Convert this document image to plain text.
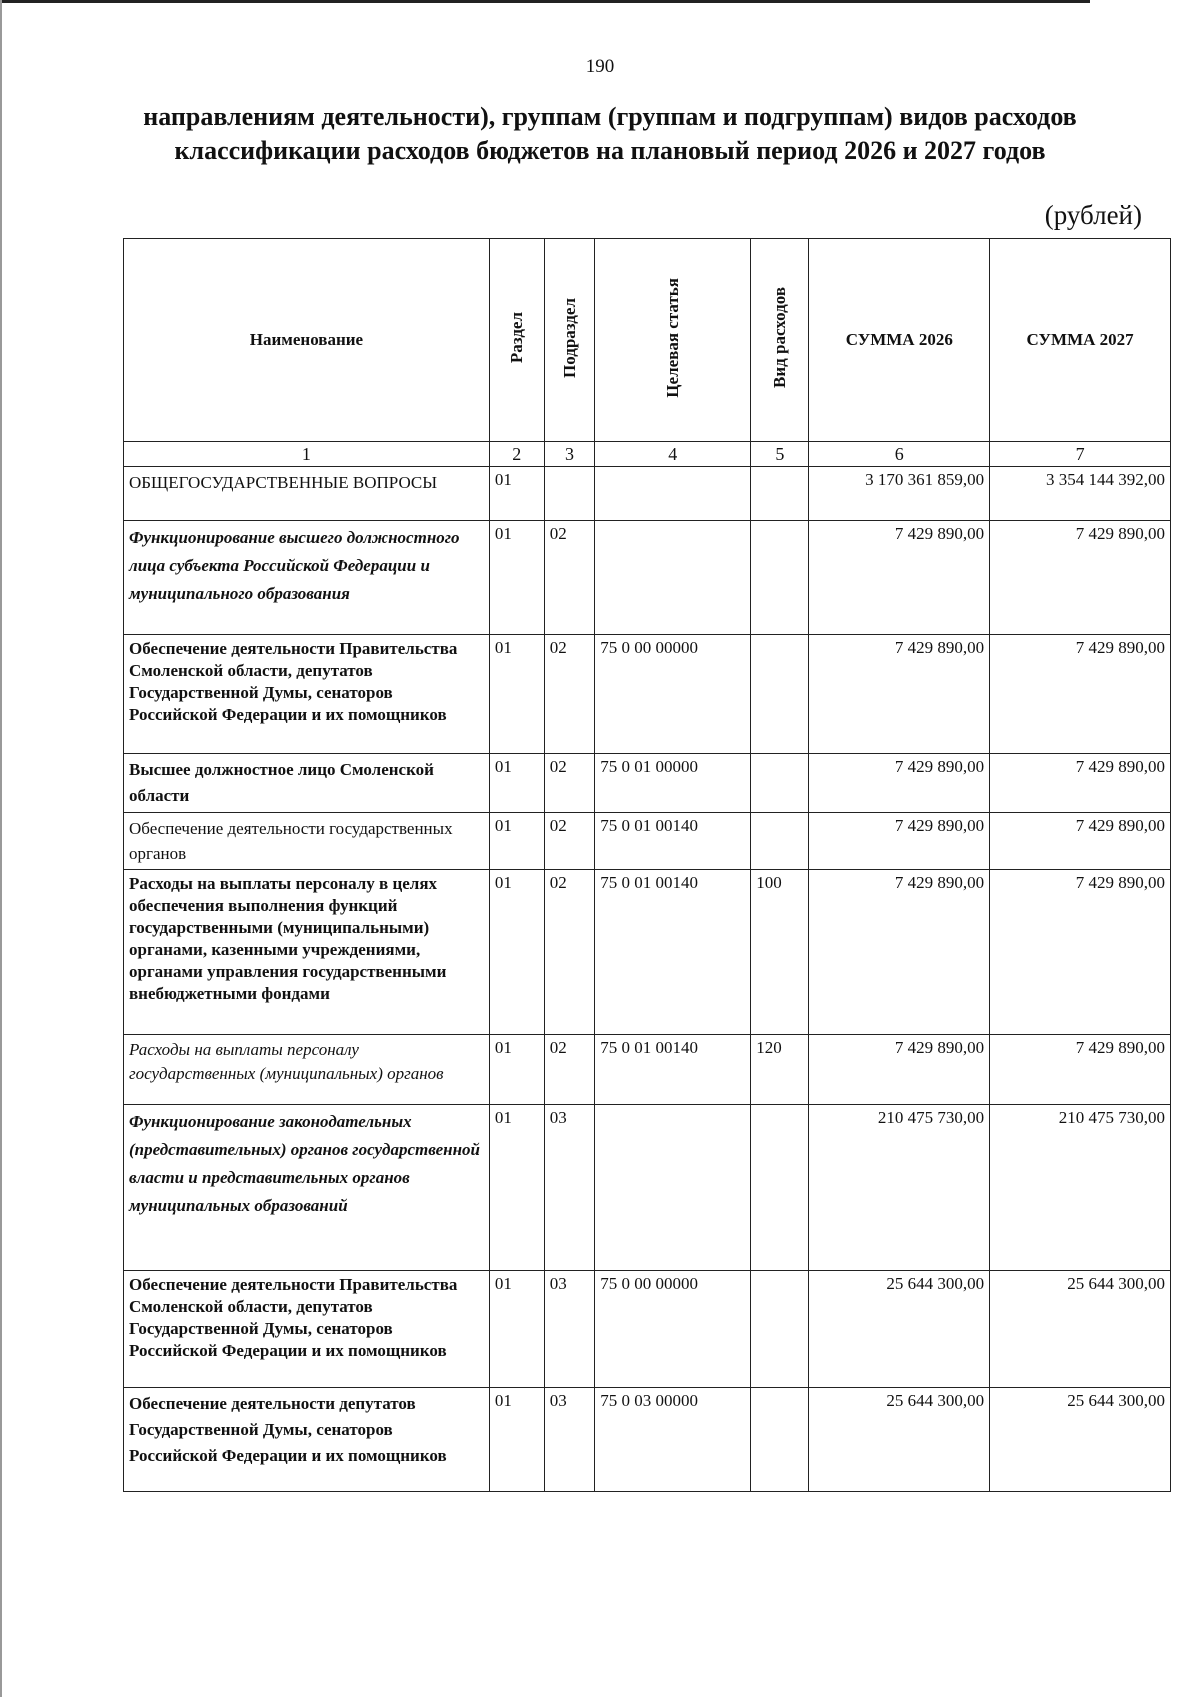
190
направлениям деятельности), группам (группам и подгруппам) видов расходов
классификации расходов бюджетов на плановый период 2026 и 2027 годов
(рублей)
Наименование	Раздел	Подраздел	Целевая статья	Вид расходов	СУММА 2026	СУММА 2027
1	2	3	4	5	6	7
ОБЩЕГОСУДАРСТВЕННЫЕ ВОПРОСЫ	01				3 170 361 859,00	3 354 144 392,00
Функционирование высшего должностного лица субъекта Российской Федерации и муниципального образования	01	02			7 429 890,00	7 429 890,00
Обеспечение деятельности Правительства Смоленской области, депутатов Государственной Думы, сенаторов Российской Федерации и их помощников	01	02	75 0 00 00000		7 429 890,00	7 429 890,00
Высшее должностное лицо Смоленской области	01	02	75 0 01 00000		7 429 890,00	7 429 890,00
Обеспечение деятельности государственных органов	01	02	75 0 01 00140		7 429 890,00	7 429 890,00
Расходы на выплаты персоналу в целях обеспечения выполнения функций государственными (муниципальными) органами, казенными учреждениями, органами управления государственными внебюджетными фондами	01	02	75 0 01 00140	100	7 429 890,00	7 429 890,00
Расходы на выплаты персоналу государственных (муниципальных) органов	01	02	75 0 01 00140	120	7 429 890,00	7 429 890,00
Функционирование законодательных (представительных) органов государственной власти и представительных органов муниципальных образований	01	03			210 475 730,00	210 475 730,00
Обеспечение деятельности Правительства Смоленской области, депутатов Государственной Думы, сенаторов Российской Федерации и их помощников	01	03	75 0 00 00000		25 644 300,00	25 644 300,00
Обеспечение деятельности депутатов Государственной Думы, сенаторов Российской Федерации и их помощников	01	03	75 0 03 00000		25 644 300,00	25 644 300,00
